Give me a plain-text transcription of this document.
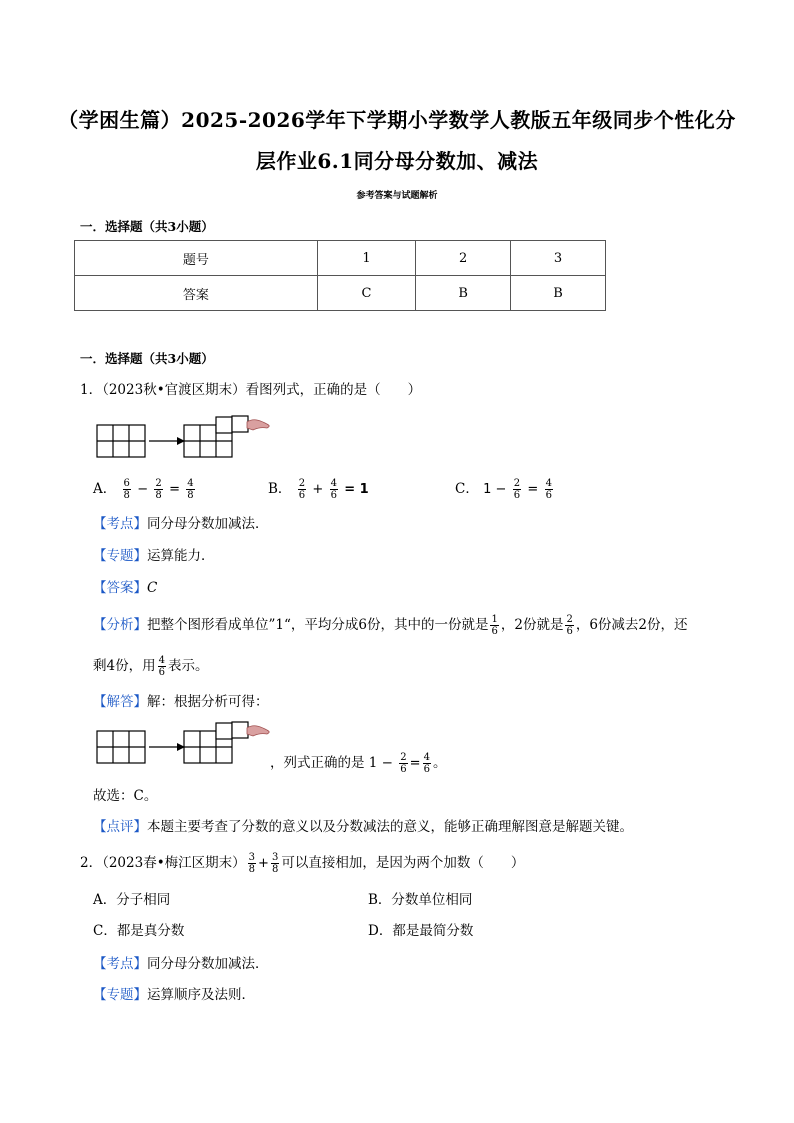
（学困生篇）2025-2026学年下学期小学数学人教版五年级同步个性化分
层作业6.1同分母分数加、减法
参考答案与试题解析
一．选择题（共3小题）
题号	1	2	3
答案	C	B	B
一．选择题（共3小题）
1．（2023秋•官渡区期末）看图列式，正确的是（　　）
A． $\frac{6}{8} - \frac{2}{8} = \frac{4}{8}$	B． $\frac{2}{6} + \frac{4}{6} = 1$	C． $1 - \frac{2}{6} = \frac{4}{6}$
【考点】同分母分数加减法．
【专题】运算能力．
【答案】C
【分析】把整个图形看成单位”1“，平均分成6份，其中的一份就是 $\frac{1}{6}$ ，2份就是 $\frac{2}{6}$ ，6份减去2份，还
剩4份，用 $\frac{4}{6}$ 表示。
【解答】解：根据分析可得：
，列式正确的是 $1 - \frac{2}{6} = \frac{4}{6}$ 。
故选：C。
【点评】本题主要考查了分数的意义以及分数减法的意义，能够正确理解图意是解题关键。
2．（2023春•梅江区期末） $\frac{3}{8} + \frac{3}{8}$ 可以直接相加，是因为两个加数（　　）
A．分子相同	B．分数单位相同
C．都是真分数	D．都是最简分数
【考点】同分母分数加减法．
【专题】运算顺序及法则．
